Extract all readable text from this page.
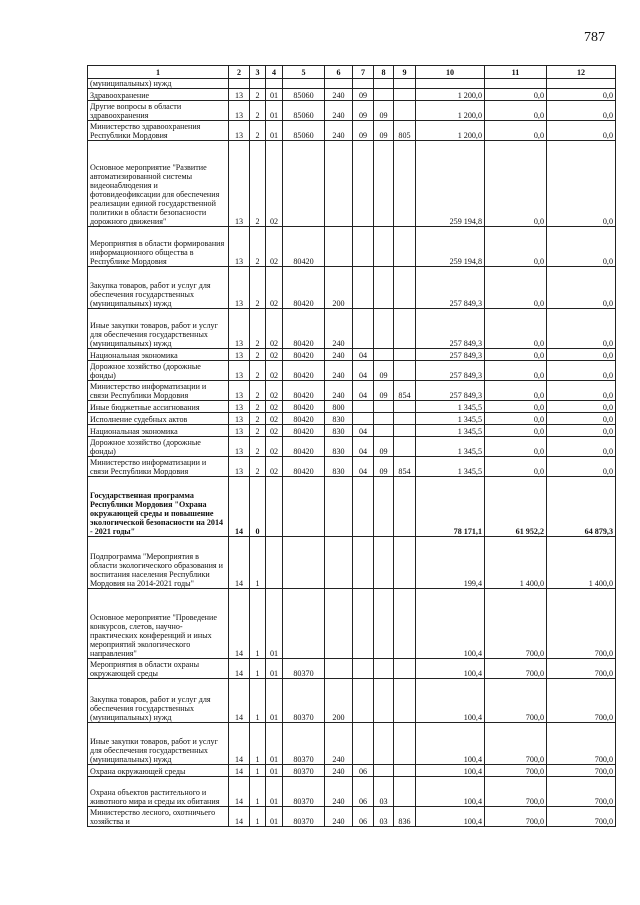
787
1	2	3	4	5	6	7	8	9	10	11	12
(муниципальных) нужд											
Здравоохранение	13	2	01	85060	240	09			1 200,0	0,0	0,0
Другие вопросы в области здравоохранения	13	2	01	85060	240	09	09		1 200,0	0,0	0,0
Министерство здравоохранения Республики Мордовия	13	2	01	85060	240	09	09	805	1 200,0	0,0	0,0
Основное мероприятие "Развитие автоматизированной системы видеонаблюдения и фотовидеофиксации для обеспечения реализации единой государственной политики в области безопасности дорожного движения"	13	2	02						259 194,8	0,0	0,0
Мероприятия в области формирования информационного общества в Республике Мордовия	13	2	02	80420					259 194,8	0,0	0,0
Закупка товаров, работ и услуг для обеспечения государственных (муниципальных) нужд	13	2	02	80420	200				257 849,3	0,0	0,0
Иные закупки товаров, работ и услуг для обеспечения государственных (муниципальных) нужд	13	2	02	80420	240				257 849,3	0,0	0,0
Национальная экономика	13	2	02	80420	240	04			257 849,3	0,0	0,0
Дорожное хозяйство (дорожные фонды)	13	2	02	80420	240	04	09		257 849,3	0,0	0,0
Министерство информатизации и связи Республики Мордовия	13	2	02	80420	240	04	09	854	257 849,3	0,0	0,0
Иные бюджетные ассигнования	13	2	02	80420	800				1 345,5	0,0	0,0
Исполнение судебных актов	13	2	02	80420	830				1 345,5	0,0	0,0
Национальная экономика	13	2	02	80420	830	04			1 345,5	0,0	0,0
Дорожное хозяйство (дорожные фонды)	13	2	02	80420	830	04	09		1 345,5	0,0	0,0
Министерство информатизации и связи Республики Мордовия	13	2	02	80420	830	04	09	854	1 345,5	0,0	0,0
Государственная программа Республики Мордовия "Охрана окружающей среды и повышение экологической безопасности на 2014 - 2021 годы"	14	0							78 171,1	61 952,2	64 879,3
Подпрограмма "Мероприятия в области экологического образования и воспитания населения Республики Мордовия на 2014-2021 годы"	14	1							199,4	1 400,0	1 400,0
Основное мероприятие "Проведение конкурсов, слетов, научно-практических конференций и иных мероприятий экологического направления"	14	1	01						100,4	700,0	700,0
Мероприятия в области охраны окружающей среды	14	1	01	80370					100,4	700,0	700,0
Закупка товаров, работ и услуг для обеспечения государственных (муниципальных) нужд	14	1	01	80370	200				100,4	700,0	700,0
Иные закупки товаров, работ и услуг для обеспечения государственных (муниципальных) нужд	14	1	01	80370	240				100,4	700,0	700,0
Охрана окружающей среды	14	1	01	80370	240	06			100,4	700,0	700,0
Охрана объектов растительного и животного мира и среды их обитания	14	1	01	80370	240	06	03		100,4	700,0	700,0
Министерство лесного, охотничьего хозяйства и	14	1	01	80370	240	06	03	836	100,4	700,0	700,0
